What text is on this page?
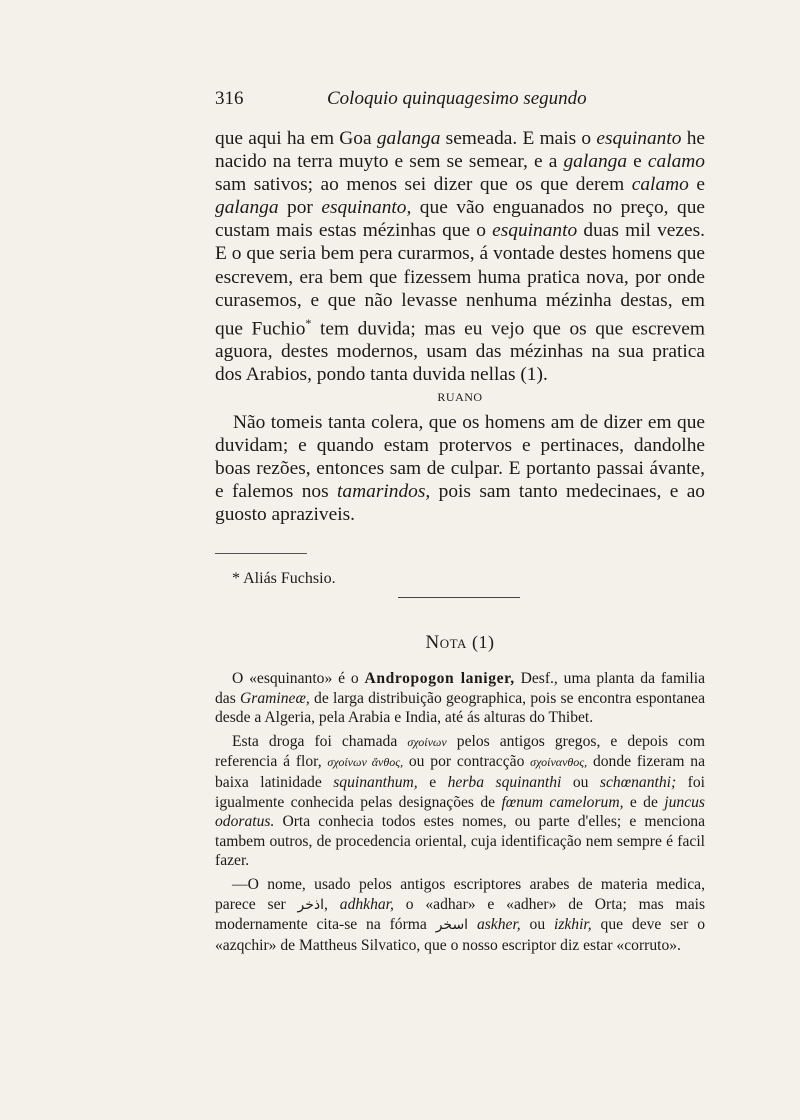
316	Coloquio quinquagesimo segundo

que aqui ha em Goa galanga semeada. E mais o esquinanto he nacido na terra muyto e sem se semear, e a galanga e calamo sam sativos; ao menos sei dizer que os que derem calamo e galanga por esquinanto, que vão enguanados no preço, que custam mais estas mézinhas que o esquinanto duas mil vezes. E o que seria bem pera curarmos, á vontade destes homens que escrevem, era bem que fizessem huma pratica nova, por onde curasemos, e que não levasse nenhuma mézinha destas, em que Fuchio* tem duvida; mas eu vejo que os que escrevem aguora, destes modernos, usam das mézinhas na sua pratica dos Arabios, pondo tanta duvida nellas (1).

RUANO

Não tomeis tanta colera, que os homens am de dizer em que duvidam; e quando estam protervos e pertinaces, dandolhe boas rezões, entonces sam de culpar. E portanto passai ávante, e falemos nos tamarindos, pois sam tanto medecinaes, e ao guosto apraziveis.

* Aliás Fuchsio.
Nota (1)

O «esquinanto» é o Andropogon laniger, Desf., uma planta da familia das Gramineæ, de larga distribuição geographica, pois se encontra espontanea desde a Algeria, pela Arabia e India, até ás alturas do Thibet.

Esta droga foi chamada σχοίνων pelos antigos gregos, e depois com referencia á flor, σχοίνων ἄνθος, ou por contracção σχοίνανθος, donde fizeram na baixa latinidade squinanthum, e herba squinanthi ou schœnanthi; foi igualmente conhecida pelas designações de fœnum camelorum, e de juncus odoratus. Orta conhecia todos estes nomes, ou parte d'elles; e menciona tambem outros, de procedencia oriental, cuja identificação nem sempre é facil fazer.

—O nome, usado pelos antigos escriptores arabes de materia medica, parece ser اذخر, adhkhar, o «adhar» e «adher» de Orta; mas mais modernamente cita-se na fórma اسخر askher, ou izkhir, que deve ser o «azqchir» de Mattheus Silvatico, que o nosso escriptor diz estar «corruto».
